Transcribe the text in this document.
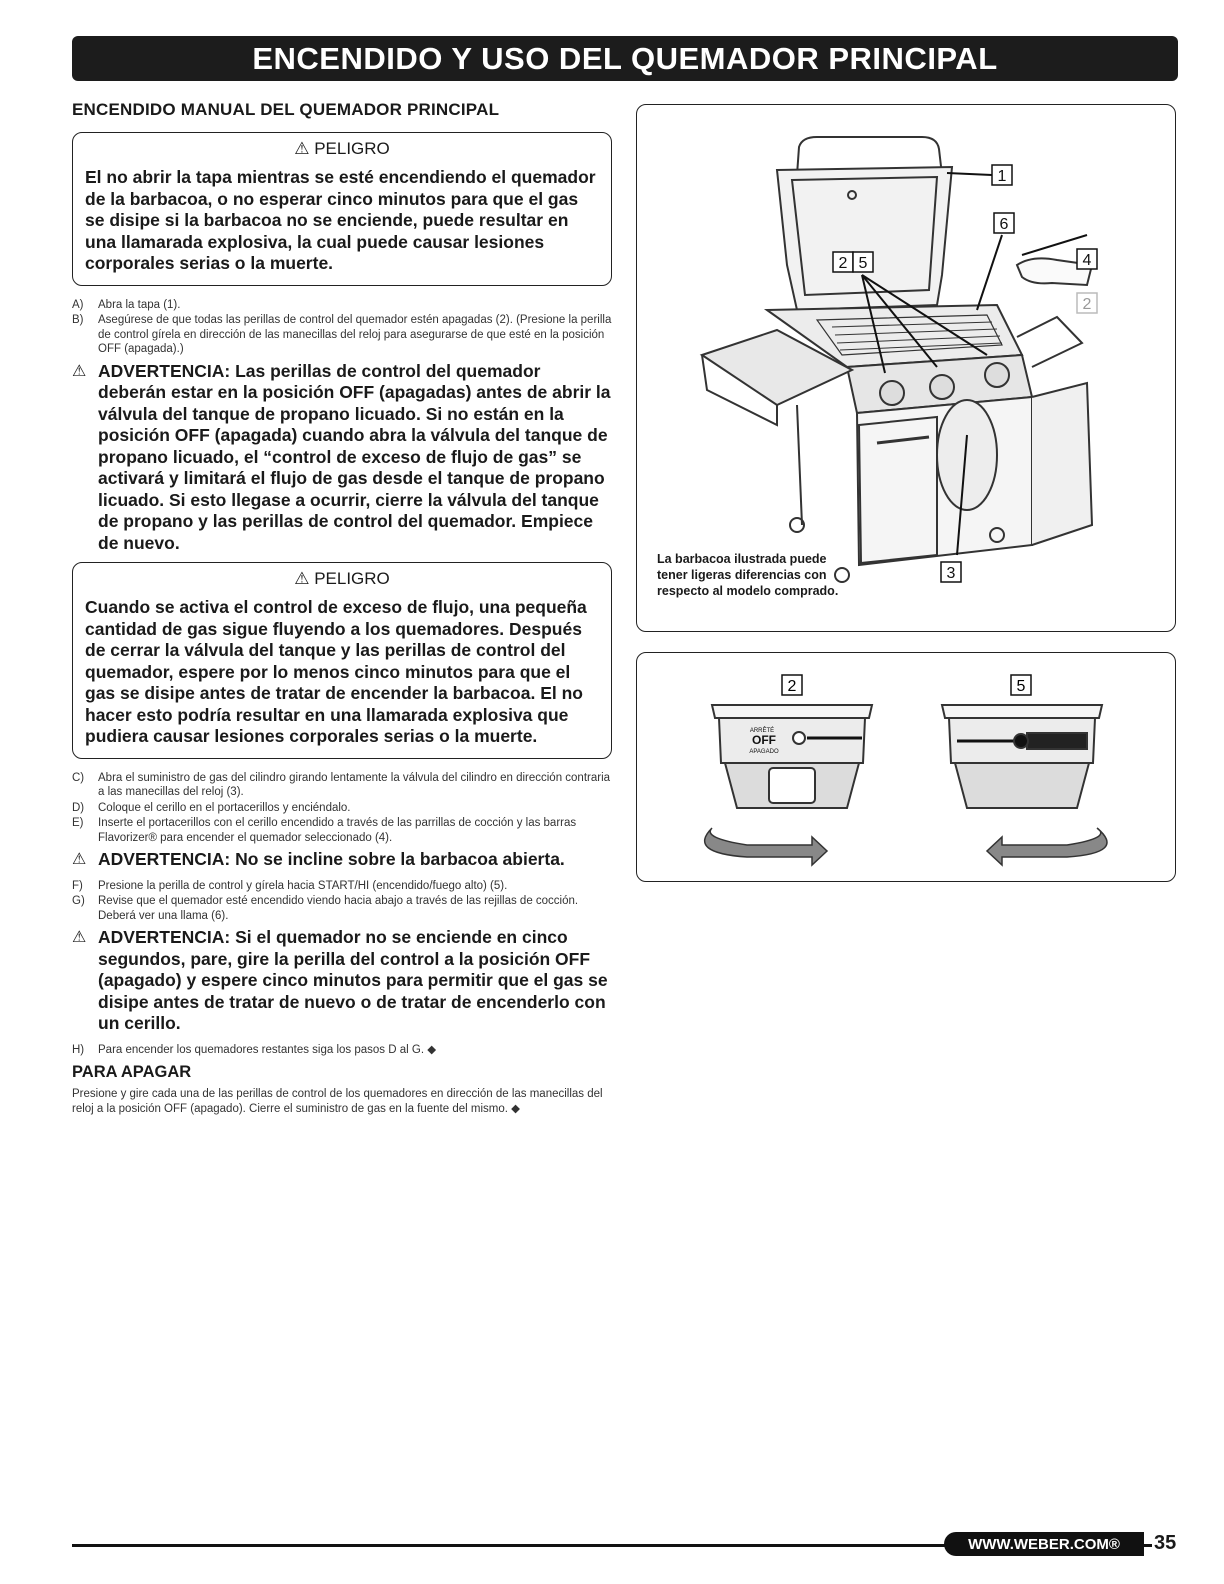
ENCENDIDO Y USO DEL QUEMADOR PRINCIPAL
ENCENDIDO MANUAL DEL QUEMADOR PRINCIPAL
⚠ PELIGRO
El no abrir la tapa mientras se esté encendiendo el quemador de la barbacoa, o no esperar cinco minutos para que el gas se disipe si la barbacoa no se enciende, puede resultar en una llamarada explosiva, la cual puede causar lesiones corporales serias o la muerte.
A)	Abra la tapa (1).
B)	Asegúrese de que todas las perillas de control del quemador estén apagadas (2). (Presione la perilla de control gírela en dirección de las manecillas del reloj para asegurarse de que esté en la posición OFF (apagada).)
⚠ ADVERTENCIA: Las perillas de control del quemador deberán estar en la posición OFF (apagadas) antes de abrir la válvula del tanque de propano licuado. Si no están en la posición OFF (apagada) cuando abra la válvula del tanque de propano licuado, el “control de exceso de flujo de gas” se activará y limitará el flujo de gas desde el tanque de propano licuado. Si esto llegase a ocurrir, cierre la válvula del tanque de propano y las perillas de control del quemador. Empiece de nuevo.
⚠ PELIGRO
Cuando se activa el control de exceso de flujo, una pequeña cantidad de gas sigue fluyendo a los quemadores. Después de cerrar la válvula del tanque y las perillas de control del quemador, espere por lo menos cinco minutos para que el gas se disipe antes de tratar de encender la barbacoa. El no hacer esto podría resultar en una llamarada explosiva que pudiera causar lesiones corporales serias o la muerte.
C)	Abra el suministro de gas del cilindro girando lentamente la válvula del cilindro en dirección contraria a las manecillas del reloj (3).
D)	Coloque el cerillo en el portacerillos y enciéndalo.
E)	Inserte el portacerillos con el cerillo encendido a través de las parrillas de cocción y las barras Flavorizer® para encender el quemador seleccionado (4).
⚠ ADVERTENCIA: No se incline sobre la barbacoa abierta.
F)	Presione la perilla de control y gírela hacia START/HI (encendido/fuego alto) (5).
G)	Revise que el quemador esté encendido viendo hacia abajo a través de las rejillas de cocción. Deberá ver una llama (6).
⚠ ADVERTENCIA: Si el quemador no se enciende en cinco segundos, pare, gire la perilla del control a la posición OFF (apagado) y espere cinco minutos para permitir que el gas se disipe antes de tratar de nuevo o de tratar de encenderlo con un cerillo.
H)	Para encender los quemadores restantes siga los pasos D al G. ◆
PARA APAGAR

Presione y gire cada una de las perillas de control de los quemadores en dirección de las manecillas del reloj a la posición OFF (apagado). Cierre el suministro de gas en la fuente del mismo. ◆

1
6
2 5	4
2
3
La barbacoa ilustrada puede tener ligeras diferencias con respecto al modelo comprado.
2
ARRÊTÉ
OFF
APAGADO
5
WWW.WEBER.COM®	35
